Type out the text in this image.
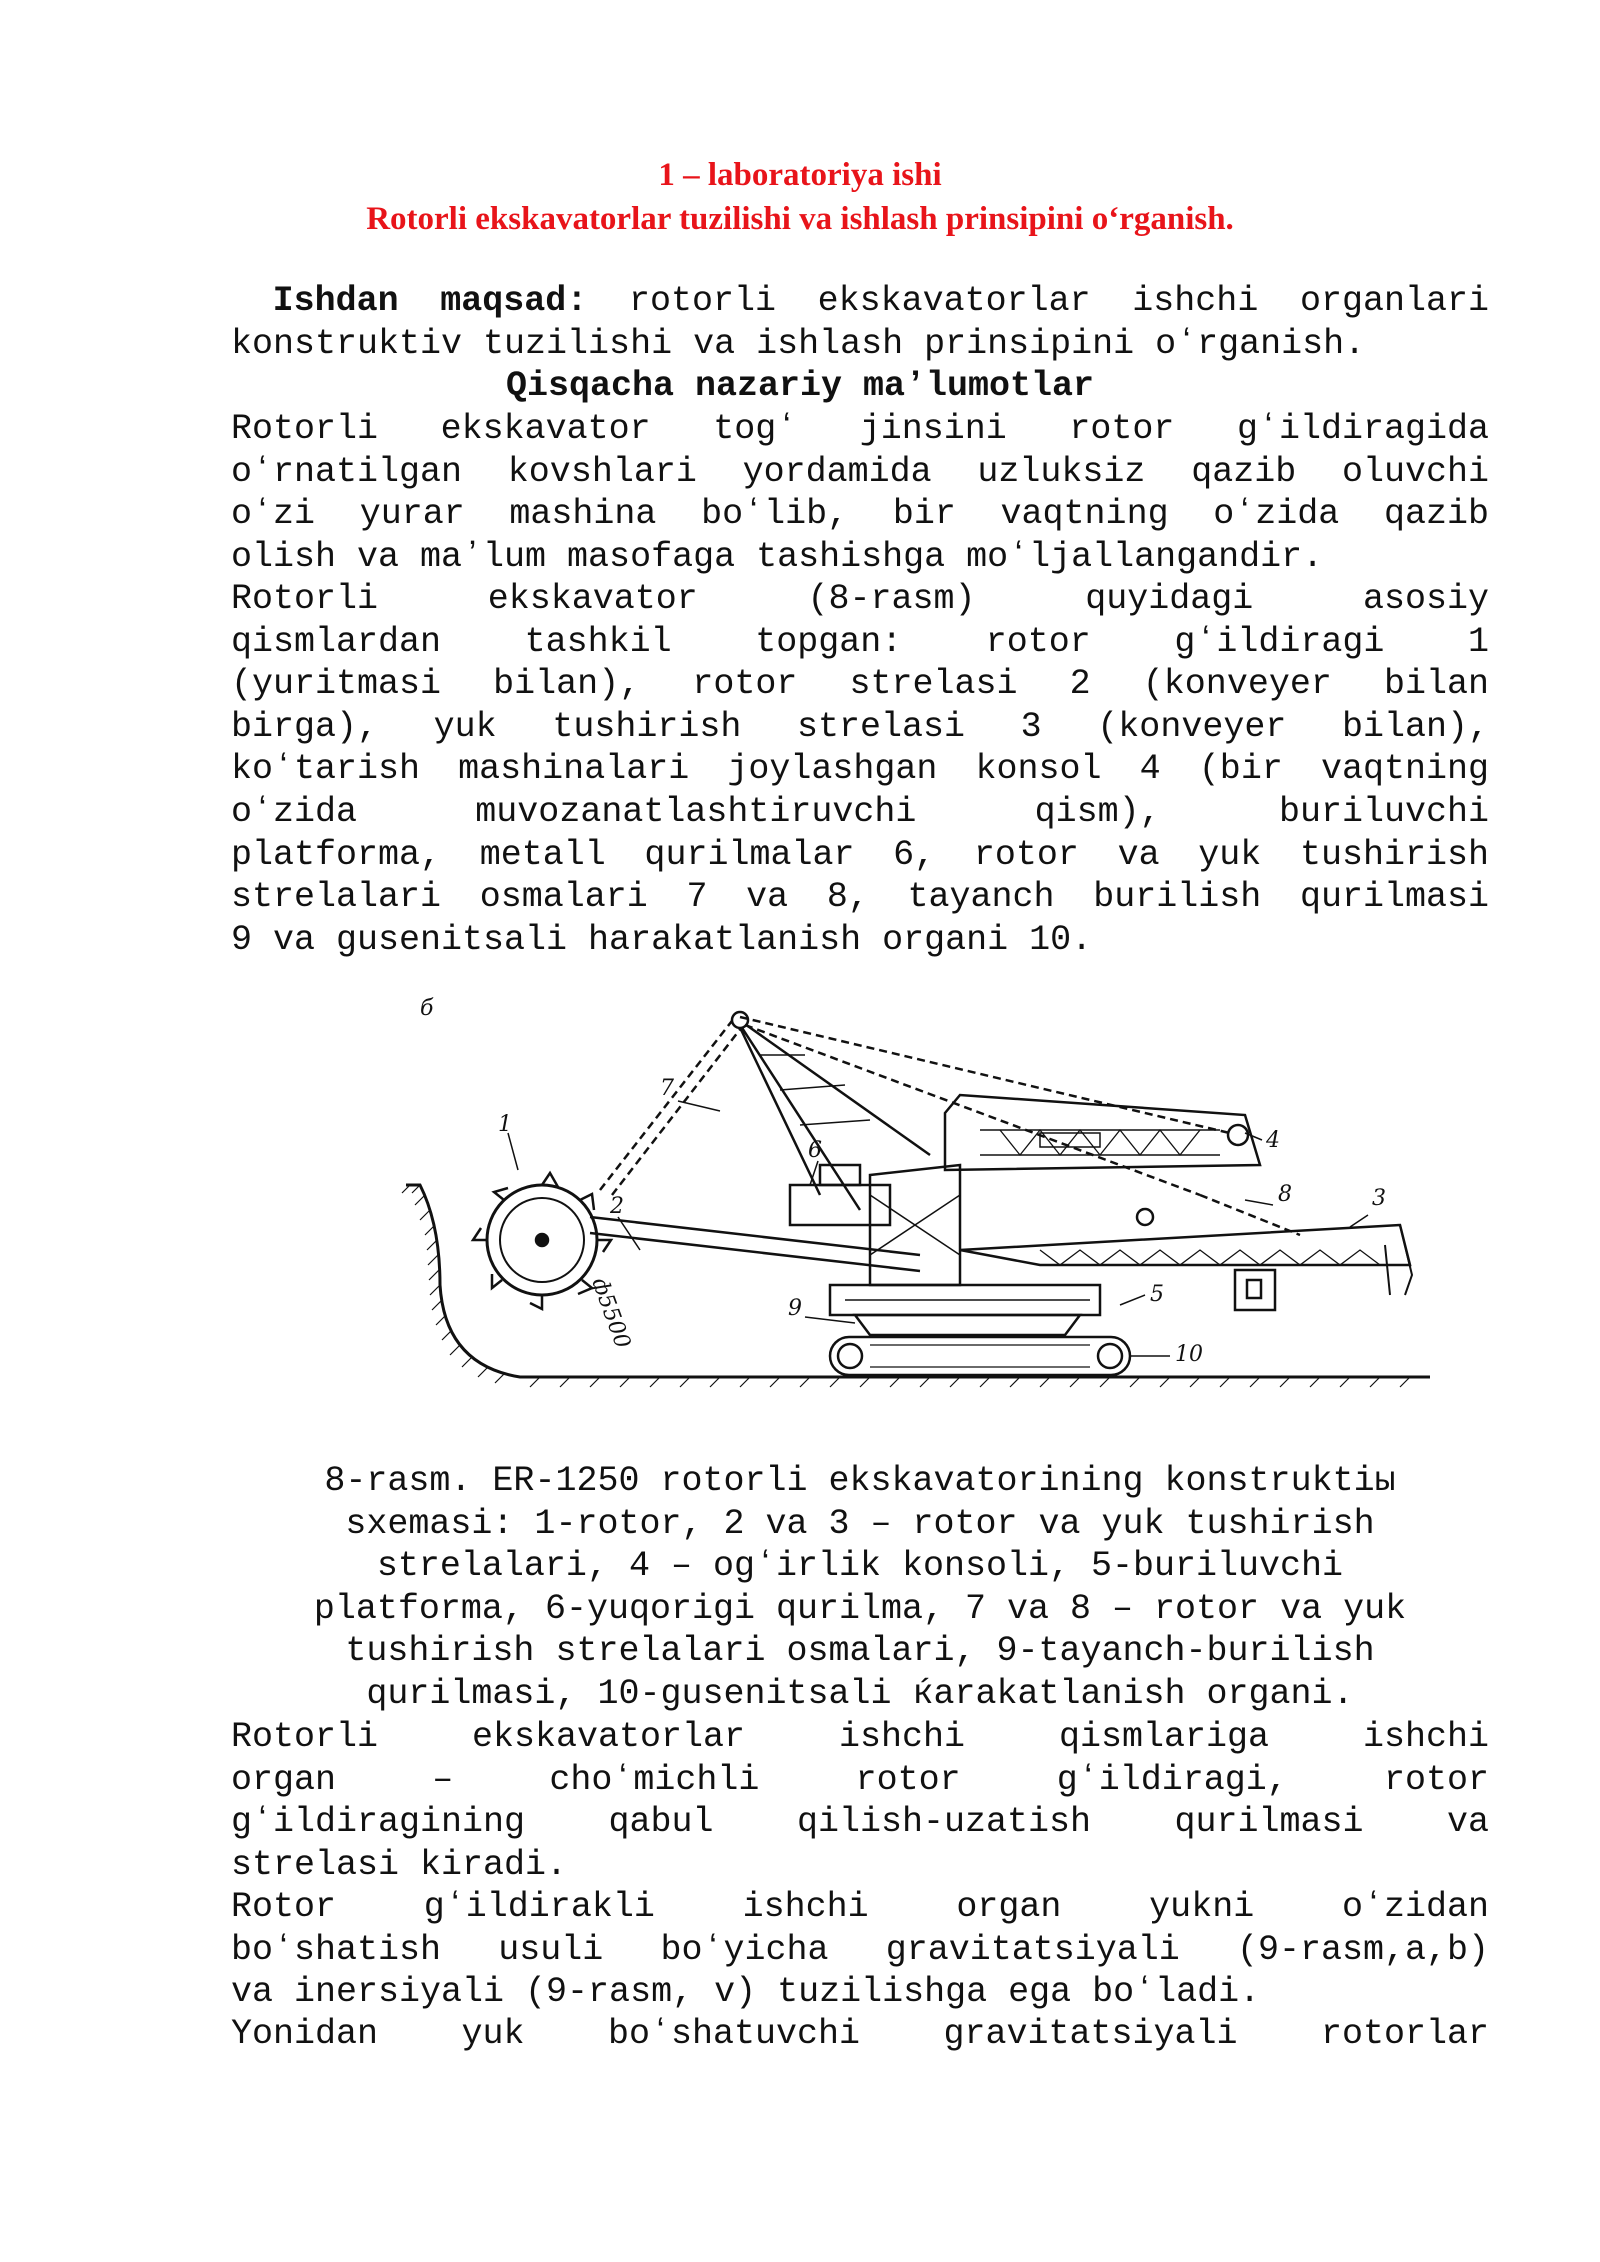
1 – laboratoriya ishi
Rotorli ekskavatorlar tuzilishi va ishlash prinsipini oʻrganish.
Ishdan maqsad: rotorli ekskavatorlar ishchi organlari
konstruktiv tuzilishi va ishlash prinsipini oʻrganish.
Qisqacha nazariy maʼlumotlar
Rotorli ekskavator togʻ jinsini rotor gʻildiragida
oʻrnatilgan kovshlari yordamida uzluksiz qazib oluvchi
oʻzi yurar mashina boʻlib, bir vaqtning oʻzida qazib
olish va maʼlum masofaga tashishga moʻljallangandir.
Rotorli ekskavator (8-rasm) quyidagi asosiy
qismlardan tashkil topgan: rotor gʻildiragi 1
(yuritmasi bilan), rotor strelasi 2 (konveyer bilan
birga), yuk tushirish strelasi 3 (konveyer bilan),
koʻtarish mashinalari joylashgan konsol 4 (bir vaqtning
oʻzida muvozanatlashtiruvchi qism), buriluvchi
platforma, metall qurilmalar 6, rotor va yuk tushirish
strelalari osmalari 7 va 8, tayanch burilish qurilmasi
9 va gusenitsali harakatlanish organi 10.
б
1
2	3
4
5
6
7
8
9
10
ф5500
8-rasm. ER-1250 rotorli ekskavatorining konstruktiы
sxemasi: 1-rotor, 2 va 3 – rotor va yuk tushirish
strelalari, 4 – ogʻirlik konsoli, 5-buriluvchi
platforma, 6-yuqorigi qurilma, 7 va 8 – rotor va yuk
tushirish strelalari osmalari, 9-tayanch-burilish
qurilmasi, 10-gusenitsali ќarakatlanish organi.
Rotorli ekskavatorlar ishchi qismlariga ishchi
organ – choʻmichli rotor gʻildiragi, rotor
gʻildiragining qabul qilish-uzatish qurilmasi va
strelasi kiradi.
Rotor gʻildirakli ishchi organ yukni oʻzidan
boʻshatish usuli boʻyicha gravitatsiyali (9-rasm,a,b)
va inersiyali (9-rasm, v) tuzilishga ega boʻladi.
Yonidan yuk boʻshatuvchi gravitatsiyali rotorlar
